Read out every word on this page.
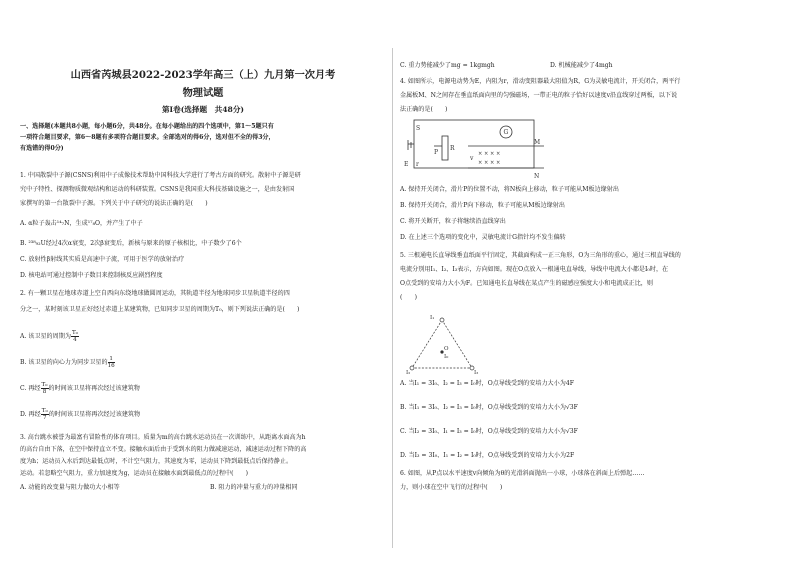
山西省芮城县2022-2023学年高三（上）九月第一次月考
物理试题
第Ⅰ卷(选择题　共48分)
一、选择题(本题共8小题，每小题6分，共48分。在每小题给出的四个选项中，第1～5题只有
一项符合题目要求，第6～8题有多项符合题目要求。全部选对的得6分，选对但不全的得3分，
有选错的得0分)
1. 中国散裂中子源(CSNS)利用中子成像技术帮助中国科技大学进行了考古方面的研究。散射中子源是研
究中子特性、探测物质微观结构和运动的科研装置。CSNS是我国重大科技基础设施之一，是由发射国
家撰写的第一台散裂中子源。下列关于中子研究的说法正确的是(　　)
A. α粒子轰击¹⁴₇N，生成¹⁷₈O，并产生了中子
B. ²³⁸₉₂U经过4次α衰变，2次β衰变后，新核与原来的原子核相比，中子数少了6个
C. 放射性β射线其实质是高速中子流，可用于医学的放射治疗
D. 核电站可通过控制中子数目来控制核反应剧烈程度
2. 有一颗卫星在地球赤道上空自西向东绕地球做圆周运动，其轨道半径为地球同步卫星轨道半径的四
分之一，某时刻该卫星正好经过赤道上某建筑物，已知同步卫星的周期为T₀，则下列说法正确的是(　　)
A. 该卫星的周期为 $\frac{\text{T₀}}{4}$
B. 该卫星的向心力为同步卫星的 $\frac{1}{16}$
C. 再经 $\frac{\text{T₀}}{8}$ 的时间该卫星将再次经过该建筑物
D. 再经 $\frac{\text{T₀}}{7}$ 的时间该卫星将再次经过该建筑物
3. 高台跳水被誉为最富有冒险性的体育项目。质量为m的高台跳水运动员在一次训练中，从距离水面高为h
的高台自由下落，在空中保持直立不变。接触水面后由于受到水的阻力做减速运动，减速运动过程下降的高
度为h；运动员入水后到达最低点时，不计空气阻力，其速度为零，运动员下降到最低点后保持静止。
运动。若忽略空气阻力，重力加速度为g，运动员在接触水面到最低点的过程中(　　)
A. 动能的改变量与阻力做功大小相等	B. 阻力的冲量与重力的冲量相同
C. 重力势能减少了mg = 1kgmgh	D. 机械能减少了4mgh
4. 如图所示，电源电动势为E，内阻为r，滑动变阻器最大阻值为R，G为灵敏电流计，开关闭合，两平行
金属板M、N之间存在垂直纸面向里的匀强磁场，一带正电的粒子恰好以速度v沿直线穿过两板，以下说
法正确的是(　　)
S
E r
P
R
G
M
N
v
× × × ×
× × × ×
A. 保持开关闭合，滑片P的位置不动，将N板向上移动，粒子可能从M板边缘射出
B. 保持开关闭合，滑片P向下移动，粒子可能从M板边缘射出
C. 将开关断开，粒子将继续沿直线穿出
D. 在上述三个选项的变化中，灵敏电流计G指针均不发生偏转
5. 三根通电长直导线垂直纸面平行固定，其截面构成一正三角形，O为三角形的重心，通过三根直导线的
电流分别用I₁、I₂、I₃表示，方向如图。现在O点放入一根通电直导线，导线中电流大小都是I₀时，在
O点受到的安培力大小为F。已知通电长直导线在某点产生的磁感应强度大小和电流成正比，则
(　　)
I₁
I₂	I₃
O
I₀
A. 当I₁ = 3I₀、I₂ = I₃ = I₀时，O点导线受到的安培力大小为4F
B. 当I₁ = 3I₀、I₂ = I₃ = I₀时，O点导线受到的安培力大小为√3F
C. 当I₂ = 3I₀、I₁ = I₃ = I₀时，O点导线受到的安培力大小为√3F
D. 当I₃ = 3I₀、I₁ = I₂ = I₀时，O点导线受到的安培力大小为2F
6. 如图，从P点以水平速度v向倾角为θ的光滑斜面抛出一小球，小球落在斜面上后弹起……
力，则小球在空中飞行的过程中(　　)
